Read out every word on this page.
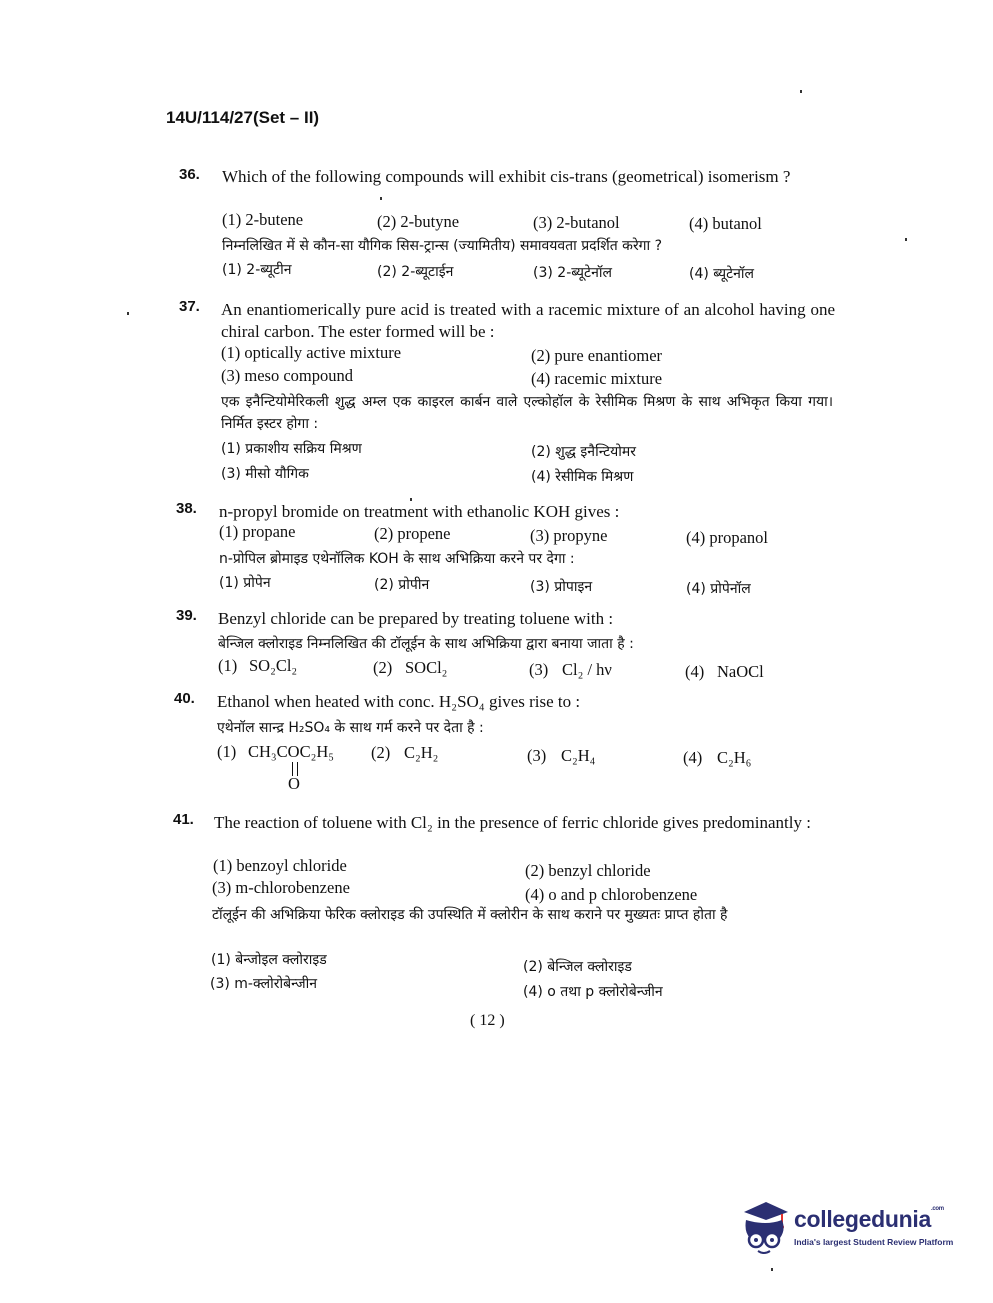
14U/114/27(Set – II)
36. Which of the following compounds will exhibit cis-trans (geometrical) isomerism ?
(1) 2-butene	(2) 2-butyne	(3) 2-butanol	(4) butanol
निम्नलिखित में से कौन-सा यौगिक सिस-ट्रान्स (ज्यामितीय) समावयवता प्रदर्शित करेगा ?
(1) 2-ब्यूटीन	(2) 2-ब्यूटाईन	(3) 2-ब्यूटेनॉल	(4) ब्यूटेनॉल
37. An enantiomerically pure acid is treated with a racemic mixture of an alcohol having one chiral carbon. The ester formed will be :
(1) optically active mixture	(2) pure enantiomer
(3) meso compound	(4) racemic mixture
एक इनैन्टियोमेरिकली शुद्ध अम्ल एक काइरल कार्बन वाले एल्कोहॉल के रेसीमिक मिश्रण के साथ अभिकृत किया गया। निर्मित इस्टर होगा :
(1) प्रकाशीय सक्रिय मिश्रण	(2) शुद्ध इनैन्टियोमर
(3) मीसो यौगिक	(4) रेसीमिक मिश्रण
38. n-propyl bromide on treatment with ethanolic KOH gives :
(1) propane	(2) propene	(3) propyne	(4) propanol
n-प्रोपिल ब्रोमाइड एथेनॉलिक KOH के साथ अभिक्रिया करने पर देगा :
(1) प्रोपेन	(2) प्रोपीन	(3) प्रोपाइन	(4) प्रोपेनॉल
39. Benzyl chloride can be prepared by treating toluene with :
बेन्जिल क्लोराइड निम्नलिखित की टॉलूईन के साथ अभिक्रिया द्वारा बनाया जाता है :
(1) SO₂Cl₂	(2) SOCl₂	(3) Cl₂ / hν	(4) NaOCl
40. Ethanol when heated with conc. H₂SO₄ gives rise to :
एथेनॉल सान्द्र H₂SO₄ के साथ गर्म करने पर देता है :
(1) CH₃COC₂H₅
O
(2) C₂H₂	(3) C₂H₄	(4) C₂H₆
41. The reaction of toluene with Cl₂ in the presence of ferric chloride gives predominantly :
(1) benzoyl chloride	(2) benzyl chloride
(3) m-chlorobenzene	(4) o and p chlorobenzene
टॉलूईन की अभिक्रिया फेरिक क्लोराइड की उपस्थिति में क्लोरीन के साथ कराने पर मुख्यतः प्राप्त होता है
(1) बेन्जोइल क्लोराइड	(2) बेन्जिल क्लोराइड
(3) m-क्लोरोबेन्जीन	(4) o तथा p क्लोरोबेन्जीन
( 12 )
collegedunia$^{.com}$
India's largest Student Review Platform
